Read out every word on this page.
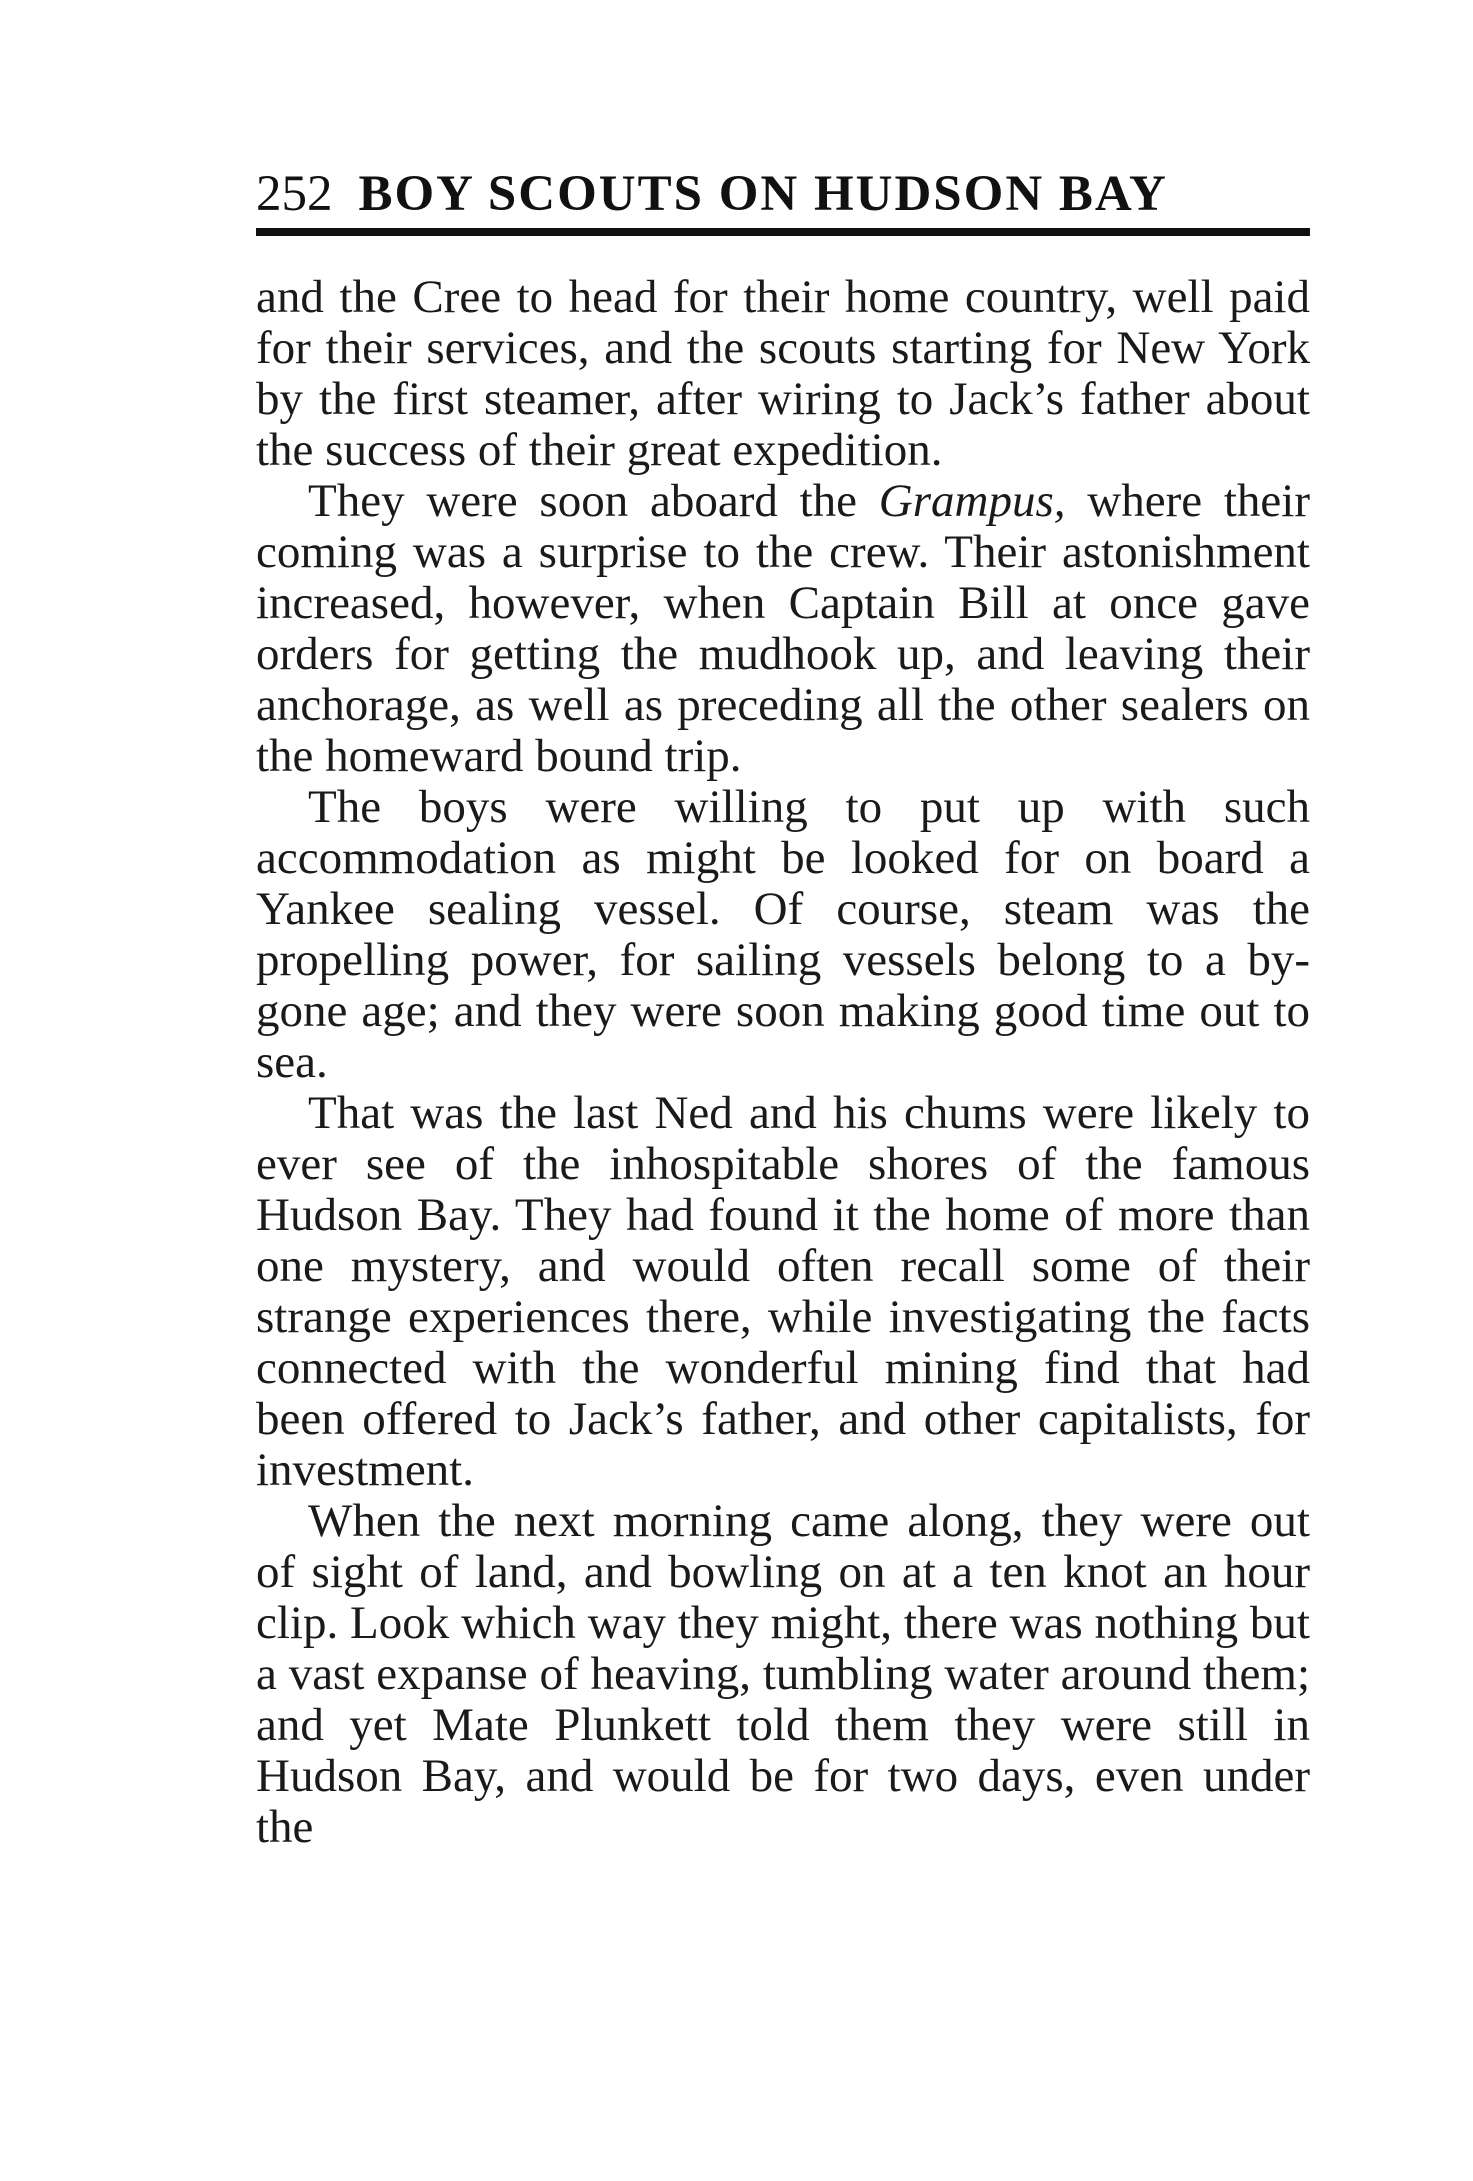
252 BOY SCOUTS ON HUDSON BAY

and the Cree to head for their home country, well paid for their services, and the scouts starting for New York by the first steamer, after wiring to Jack’s father about the success of their great expedition.

They were soon aboard the Grampus, where their coming was a surprise to the crew. Their astonishment increased, however, when Captain Bill at once gave orders for getting the mudhook up, and leaving their anchorage, as well as preceding all the other sealers on the homeward bound trip.

The boys were willing to put up with such accommodation as might be looked for on board a Yankee sealing vessel. Of course, steam was the propelling power, for sailing vessels belong to a by-gone age; and they were soon making good time out to sea.

That was the last Ned and his chums were likely to ever see of the inhospitable shores of the famous Hudson Bay. They had found it the home of more than one mystery, and would often recall some of their strange experiences there, while investigating the facts connected with the wonderful mining find that had been offered to Jack’s father, and other capitalists, for investment.

When the next morning came along, they were out of sight of land, and bowling on at a ten knot an hour clip. Look which way they might, there was nothing but a vast expanse of heaving, tumbling water around them; and yet Mate Plunkett told them they were still in Hudson Bay, and would be for two days, even under the
